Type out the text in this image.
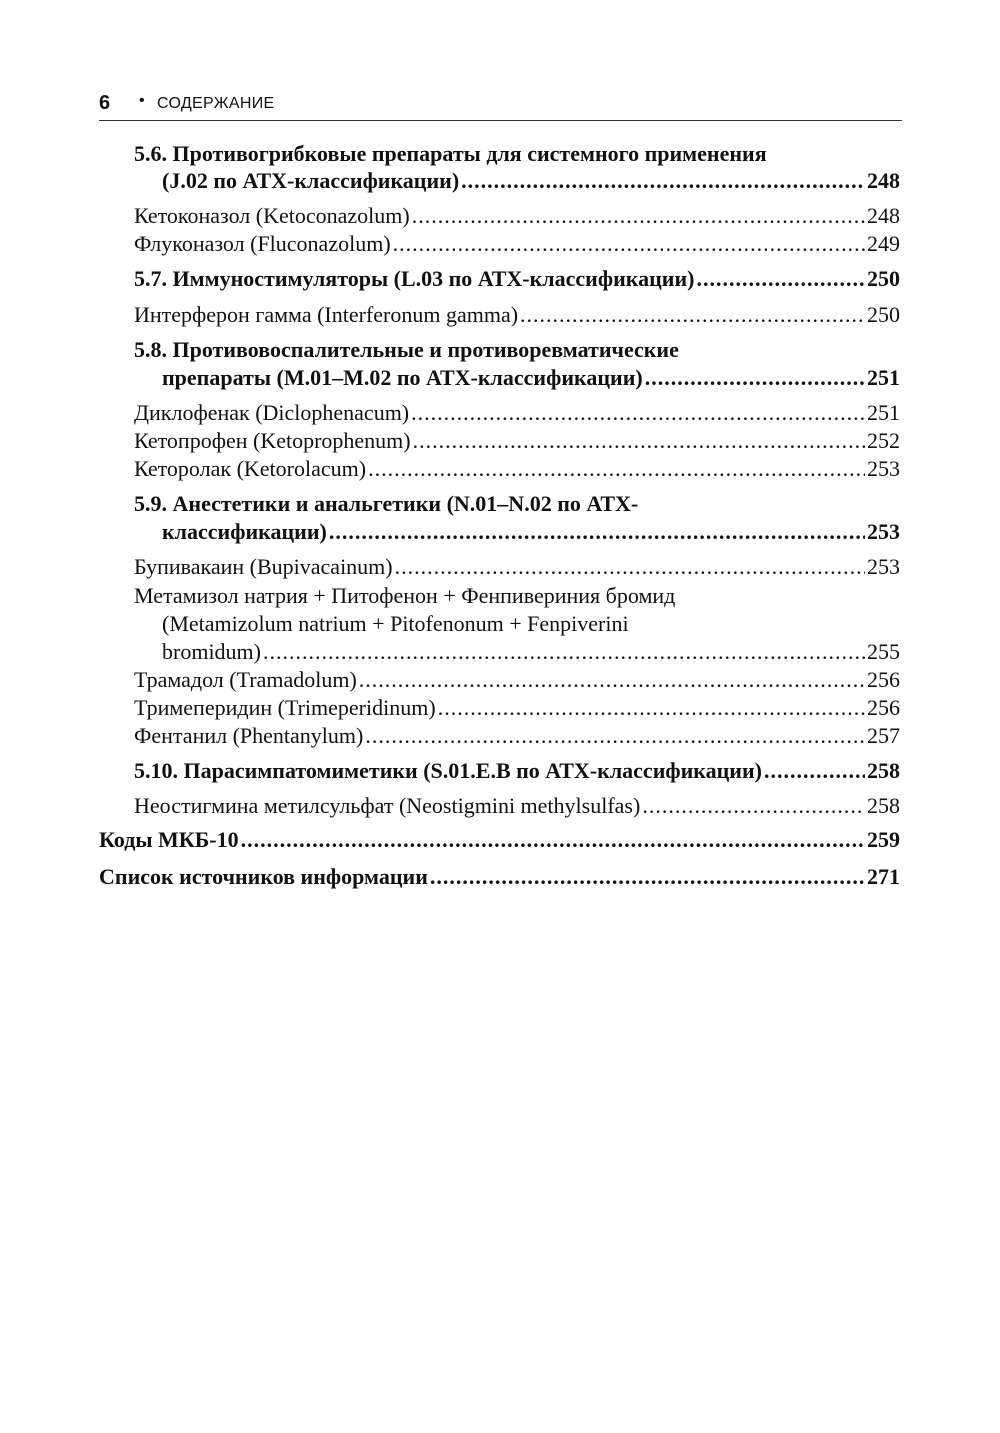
6 • СОДЕРЖАНИЕ
5.6. Противогрибковые препараты для системного применения
(J.02 по АТХ-классификации) .....	248
Кетоконазол (Ketoconazolum) .....	248
Флуконазол (Fluconazolum) .....	249
5.7. Иммуностимуляторы (L.03 по АТХ-классификации) .....	250
Интерферон гамма (Interferonum gamma) .....	250
5.8. Противовоспалительные и противоревматические
препараты (М.01–М.02 по АТХ-классификации) .....	251
Диклофенак (Diclophenacum) .....	251
Кетопрофен (Ketoprophenum) .....	252
Кеторолак (Ketorolacum) .....	253
5.9. Анестетики и анальгетики (N.01–N.02 по АТХ-
классификации) .....	253
Бупивакаин (Bupivacainum) .....	253
Метамизол натрия + Питофенон + Фенпивериния бромид
(Metamizolum natrium + Pitofenonum + Fenpiverini
bromidum) .....	255
Трамадол (Tramadolum) .....	256
Тримеперидин (Trimeperidinum) .....	256
Фентанил (Phentanylum) .....	257
5.10. Парасимпатомиметики (S.01.E.B по АТХ-классификации) .....	258
Неостигмина метилсульфат (Neostigmini methylsulfas) .....	258
Коды МКБ-10 .....	259
Список источников информации .....	271
